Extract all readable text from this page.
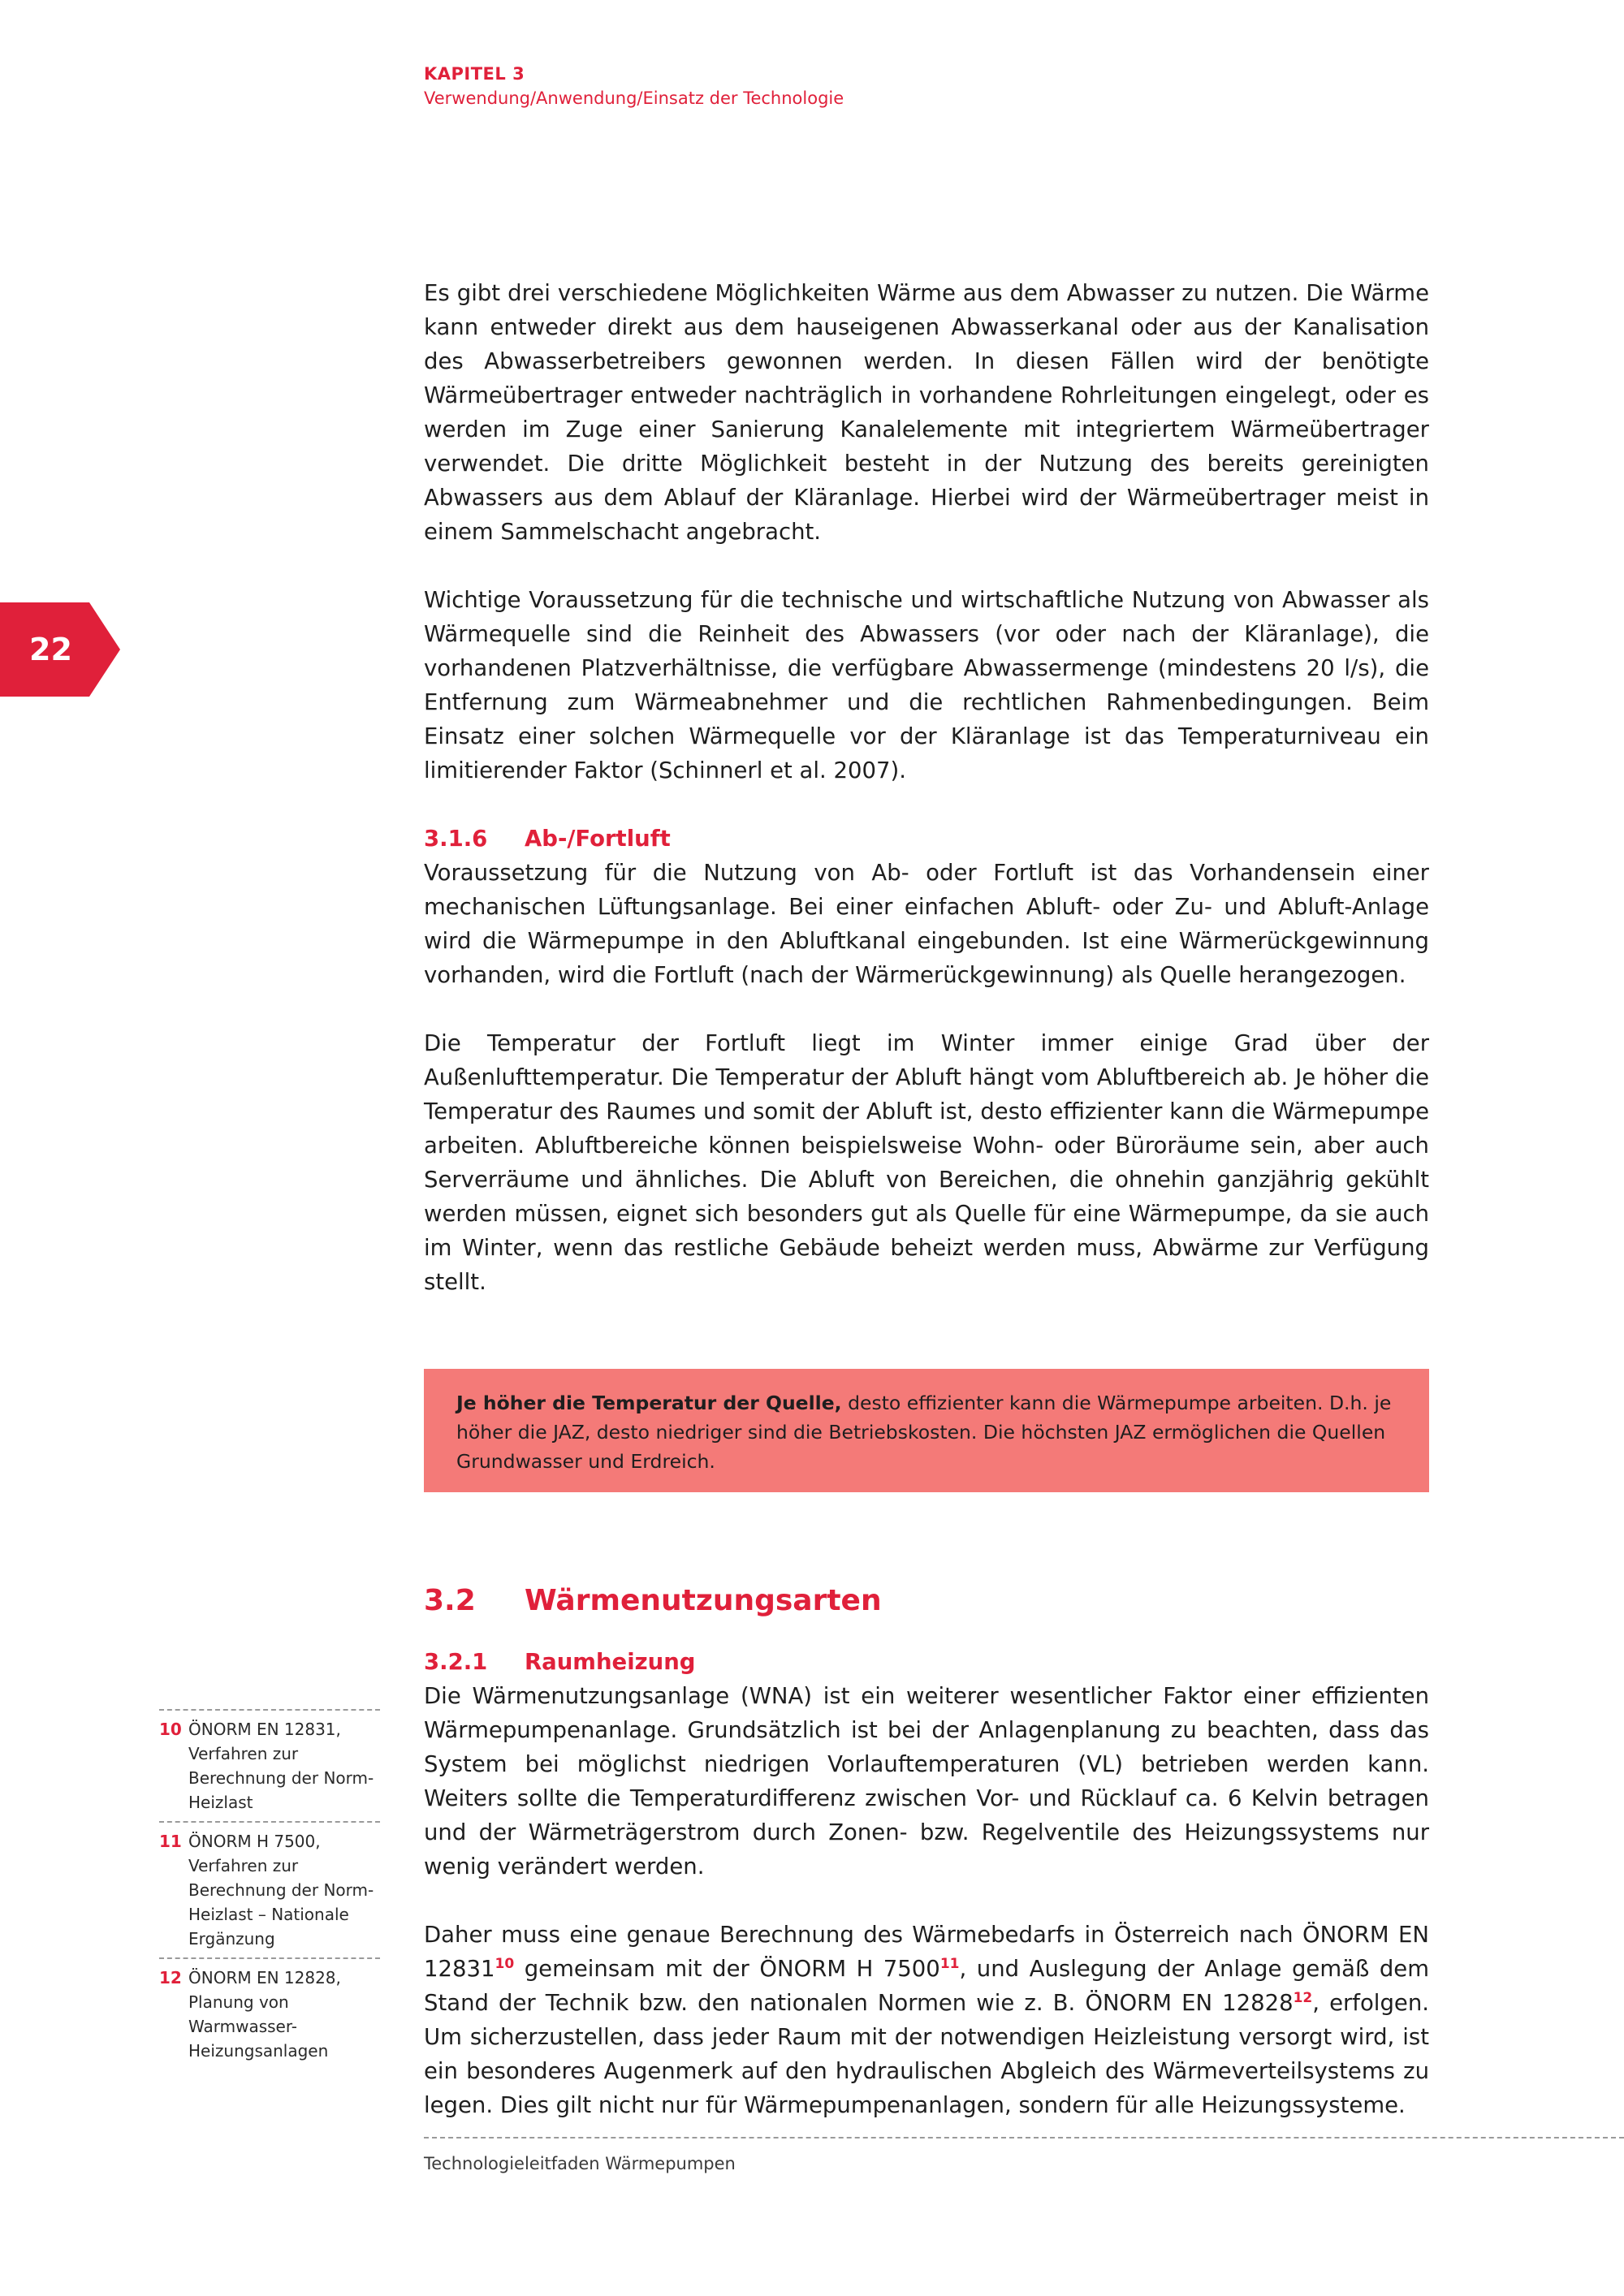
KAPITEL 3
Verwendung/Anwendung/Einsatz der Technologie
22

Es gibt drei verschiedene Möglichkeiten Wärme aus dem Abwasser zu nutzen. Die Wärme kann entweder direkt aus dem hauseigenen Abwasserkanal oder aus der Kanalisation des Abwasserbetreibers gewonnen werden. In diesen Fällen wird der benötigte Wärmeübertrager entweder nachträglich in vorhandene Rohrleitungen eingelegt, oder es werden im Zuge einer Sanierung Kanalelemente mit integriertem Wärmeübertrager verwendet. Die dritte Möglichkeit besteht in der Nutzung des bereits gereinigten Abwassers aus dem Ablauf der Kläranlage. Hierbei wird der Wärmeübertrager meist in einem Sammelschacht angebracht.

Wichtige Voraussetzung für die technische und wirtschaftliche Nutzung von Abwasser als Wärmequelle sind die Reinheit des Abwassers (vor oder nach der Kläranlage), die vorhandenen Platzverhältnisse, die verfügbare Abwassermenge (mindestens 20 l/s), die Entfernung zum Wärmeabnehmer und die rechtlichen Rahmenbedingungen. Beim Einsatz einer solchen Wärmequelle vor der Kläranlage ist das Temperaturniveau ein limitierender Faktor (Schinnerl et al. 2007).

3.1.6	Ab-/Fortluft

Voraussetzung für die Nutzung von Ab- oder Fortluft ist das Vorhandensein einer mechanischen Lüftungsanlage. Bei einer einfachen Abluft- oder Zu- und Abluft-Anlage wird die Wärmepumpe in den Abluftkanal eingebunden. Ist eine Wärmerückgewinnung vorhanden, wird die Fortluft (nach der Wärmerückgewinnung) als Quelle herangezogen.

Die Temperatur der Fortluft liegt im Winter immer einige Grad über der Außenlufttemperatur. Die Temperatur der Abluft hängt vom Abluftbereich ab. Je höher die Temperatur des Raumes und somit der Abluft ist, desto effizienter kann die Wärmepumpe arbeiten. Abluftbereiche können beispielsweise Wohn- oder Büroräume sein, aber auch Serverräume und ähnliches. Die Abluft von Bereichen, die ohnehin ganzjährig gekühlt werden müssen, eignet sich besonders gut als Quelle für eine Wärmepumpe, da sie auch im Winter, wenn das restliche Gebäude beheizt werden muss, Abwärme zur Verfügung stellt.

Je höher die Temperatur der Quelle, desto effizienter kann die Wärmepumpe arbeiten. D.h. je höher die JAZ, desto niedriger sind die Betriebskosten. Die höchsten JAZ ermöglichen die Quellen Grundwasser und Erdreich.

3.2	Wärmenutzungsarten
3.2.1	Raumheizung

Die Wärmenutzungsanlage (WNA) ist ein weiterer wesentlicher Faktor einer effizienten Wärmepumpenanlage. Grundsätzlich ist bei der Anlagenplanung zu beachten, dass das System bei möglichst niedrigen Vorlauftemperaturen (VL) betrieben werden kann. Weiters sollte die Temperaturdifferenz zwischen Vor- und Rücklauf ca. 6 Kelvin betragen und der Wärmeträgerstrom durch Zonen- bzw. Regelventile des Heizungssystems nur wenig verändert werden.

Daher muss eine genaue Berechnung des Wärmebedarfs in Österreich nach ÖNORM EN 12831$^{10}$ gemeinsam mit der ÖNORM H 7500$^{11}$, und Auslegung der Anlage gemäß dem Stand der Technik bzw. den nationalen Normen wie z. B. ÖNORM EN 12828$^{12}$, erfolgen. Um sicherzustellen, dass jeder Raum mit der notwendigen Heizleistung versorgt wird, ist ein besonderes Augenmerk auf den hydraulischen Abgleich des Wärmeverteilsystems zu legen. Dies gilt nicht nur für Wärmepumpenanlagen, sondern für alle Heizungssysteme.

10 ÖNORM EN 12831, Verfahren zur Berechnung der Norm-Heizlast
11 ÖNORM H 7500, Verfahren zur Berechnung der Norm-Heizlast – Nationale Ergänzung
12 ÖNORM EN 12828, Planung von Warmwasser-Heizungsanlagen
Technologieleitfaden Wärmepumpen
